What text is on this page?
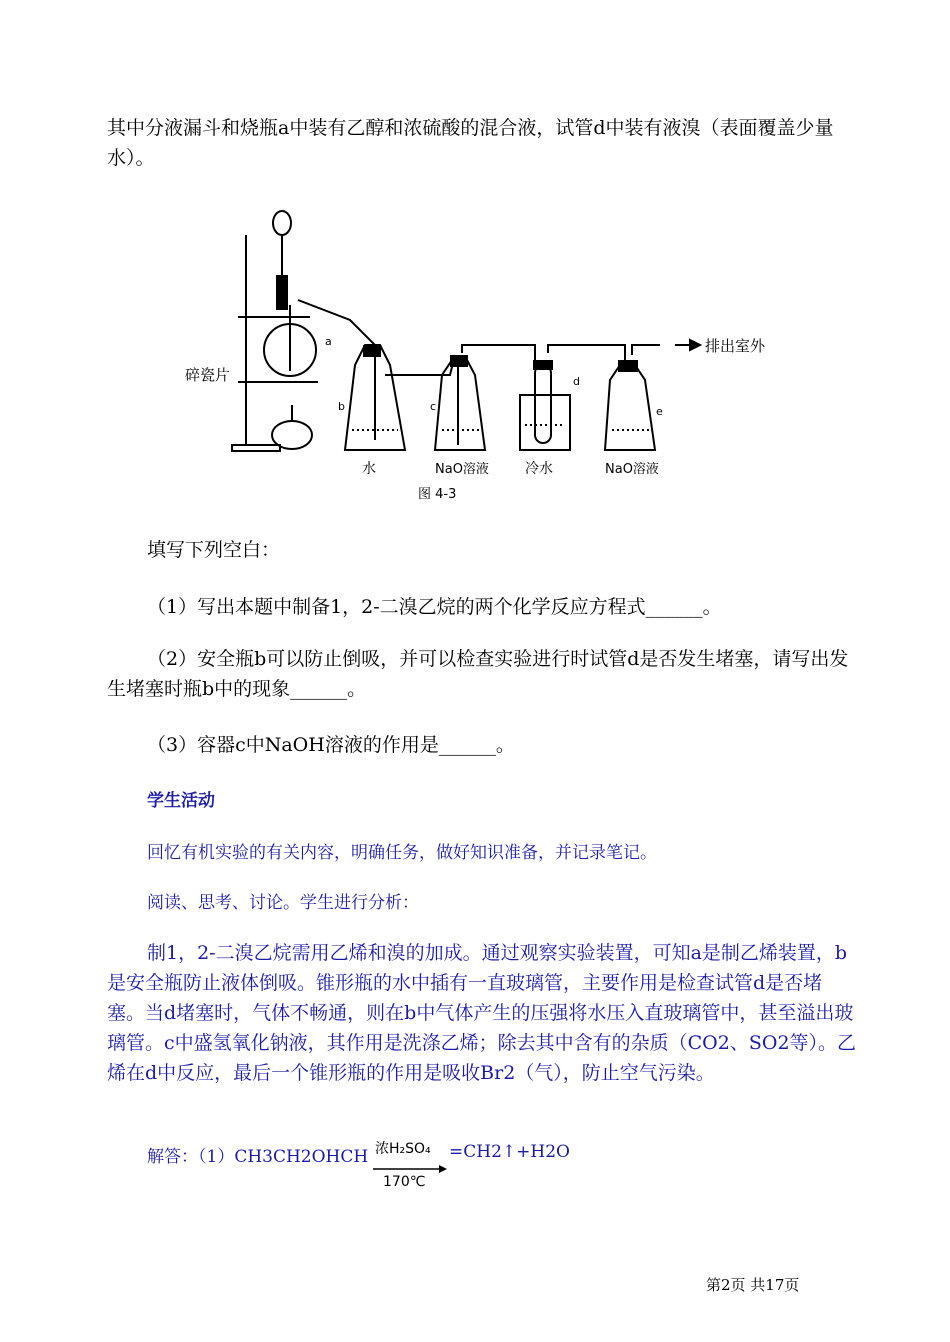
其中分液漏斗和烧瓶a中装有乙醇和浓硫酸的混合液，试管d中装有液溴（表面覆盖少量水）。

碎瓷片
排出室外
a
b	c
d
e
水	NaO溶液	冷水	NaO溶液
图 4-3

填写下列空白：

（1）写出本题中制备1，2-二溴乙烷的两个化学反应方程式______。

（2）安全瓶b可以防止倒吸，并可以检查实验进行时试管d是否发生堵塞，请写出发生堵塞时瓶b中的现象______。

（3）容器c中NaOH溶液的作用是______。

学生活动

回忆有机实验的有关内容，明确任务，做好知识准备，并记录笔记。

阅读、思考、讨论。学生进行分析：

制1，2-二溴乙烷需用乙烯和溴的加成。通过观察实验装置，可知a是制乙烯装置，b是安全瓶防止液体倒吸。锥形瓶的水中插有一直玻璃管，主要作用是检查试管d是否堵塞。当d堵塞时，气体不畅通，则在b中气体产生的压强将水压入直玻璃管中，甚至溢出玻璃管。c中盛氢氧化钠液，其作用是洗涤乙烯；除去其中含有的杂质（CO2、SO2等）。乙烯在d中反应，最后一个锥形瓶的作用是吸收Br2（气），防止空气污染。

解答：（1）CH3CH2OHCH 浓H₂SO₄
170℃
=CH2↑+H2O
第2页 共17页
